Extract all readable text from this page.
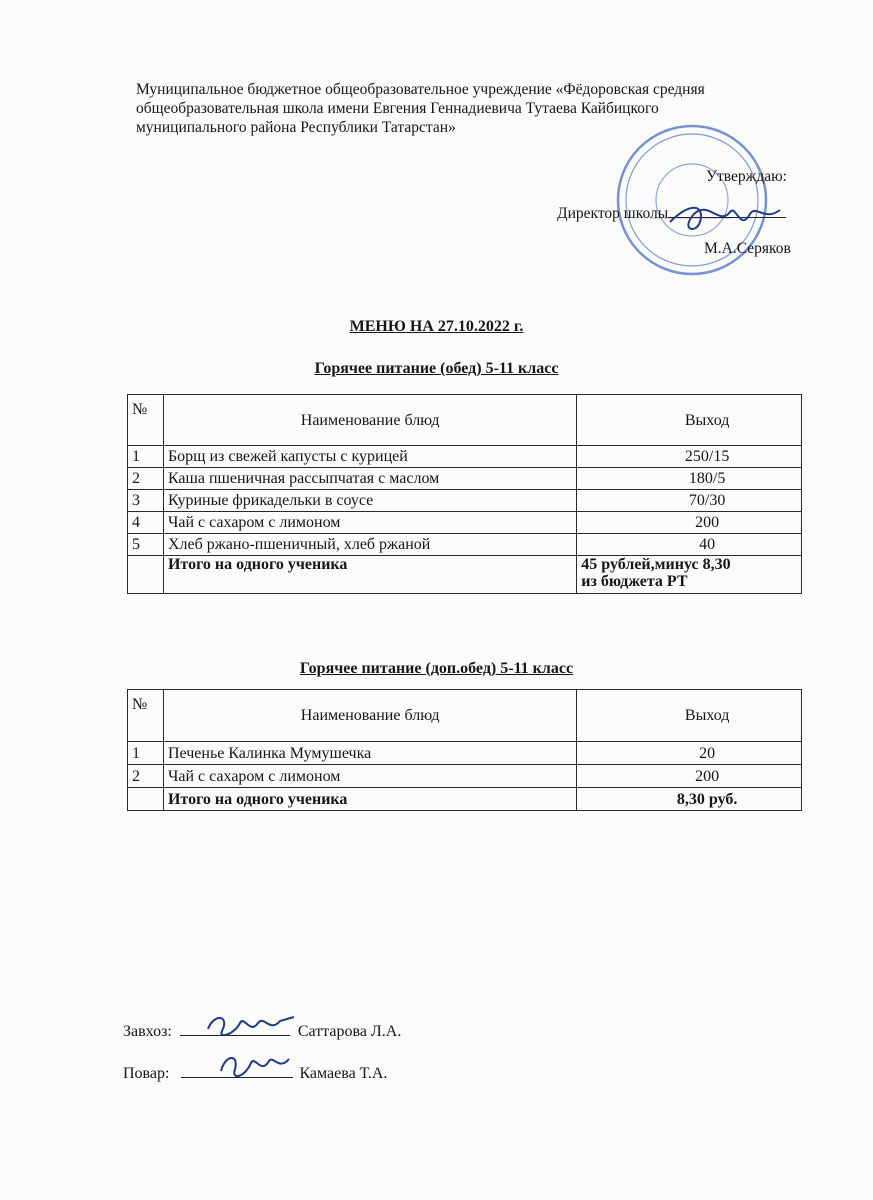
Муниципальное бюджетное общеобразовательное учреждение «Фёдоровская средняя
общеобразовательная школа имени Евгения Геннадиевича Тутаева Кайбицкого
муниципального района Республики Татарстан»
Утверждаю:
Директор школы
М.А.Серяков
МЕНЮ НА 27.10.2022 г.
Горячее питание (обед) 5-11 класс
№	Наименование блюд	Выход
1	Борщ из свежей капусты с курицей	250/15
2	Каша пшеничная рассыпчатая с маслом	180/5
3	Куриные фрикадельки в соусе	70/30
4	Чай с сахаром с лимоном	200
5	Хлеб ржано-пшеничный, хлеб ржаной	40
	Итого на одного ученика	45 рублей,минус 8,30
из бюджета РТ
Горячее питание (доп.обед) 5-11 класс
№	Наименование блюд	Выход
1	Печенье Калинка Мумушечка	20
2	Чай с сахаром с лимоном	200
	Итого на одного ученика	8,30 руб.
Завхоз:	Саттарова Л.А.
Повар:	Камаева Т.А.
